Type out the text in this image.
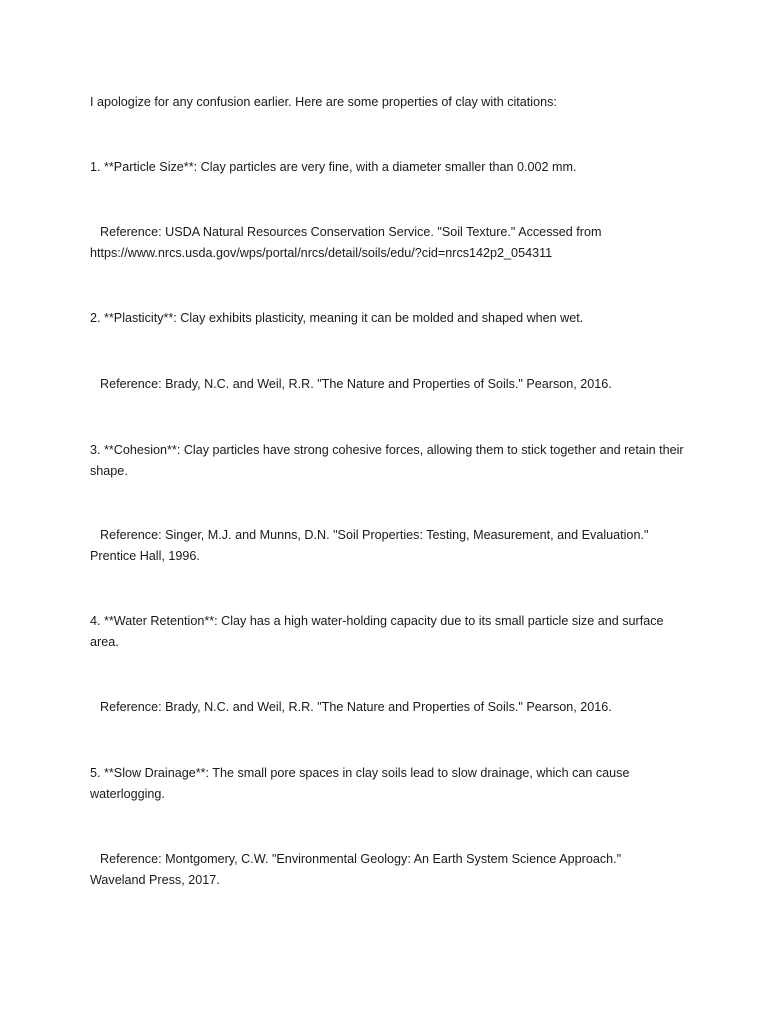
I apologize for any confusion earlier. Here are some properties of clay with citations:

1. **Particle Size**: Clay particles are very fine, with a diameter smaller than 0.002 mm.

Reference: USDA Natural Resources Conservation Service. "Soil Texture." Accessed from
https://www.nrcs.usda.gov/wps/portal/nrcs/detail/soils/edu/?cid=nrcs142p2_054311

2. **Plasticity**: Clay exhibits plasticity, meaning it can be molded and shaped when wet.

Reference: Brady, N.C. and Weil, R.R. "The Nature and Properties of Soils." Pearson, 2016.

3. **Cohesion**: Clay particles have strong cohesive forces, allowing them to stick together and retain their shape.

Reference: Singer, M.J. and Munns, D.N. "Soil Properties: Testing, Measurement, and Evaluation."
Prentice Hall, 1996.

4. **Water Retention**: Clay has a high water-holding capacity due to its small particle size and surface area.

Reference: Brady, N.C. and Weil, R.R. "The Nature and Properties of Soils." Pearson, 2016.

5. **Slow Drainage**: The small pore spaces in clay soils lead to slow drainage, which can cause waterlogging.

Reference: Montgomery, C.W. "Environmental Geology: An Earth System Science Approach."
Waveland Press, 2017.
